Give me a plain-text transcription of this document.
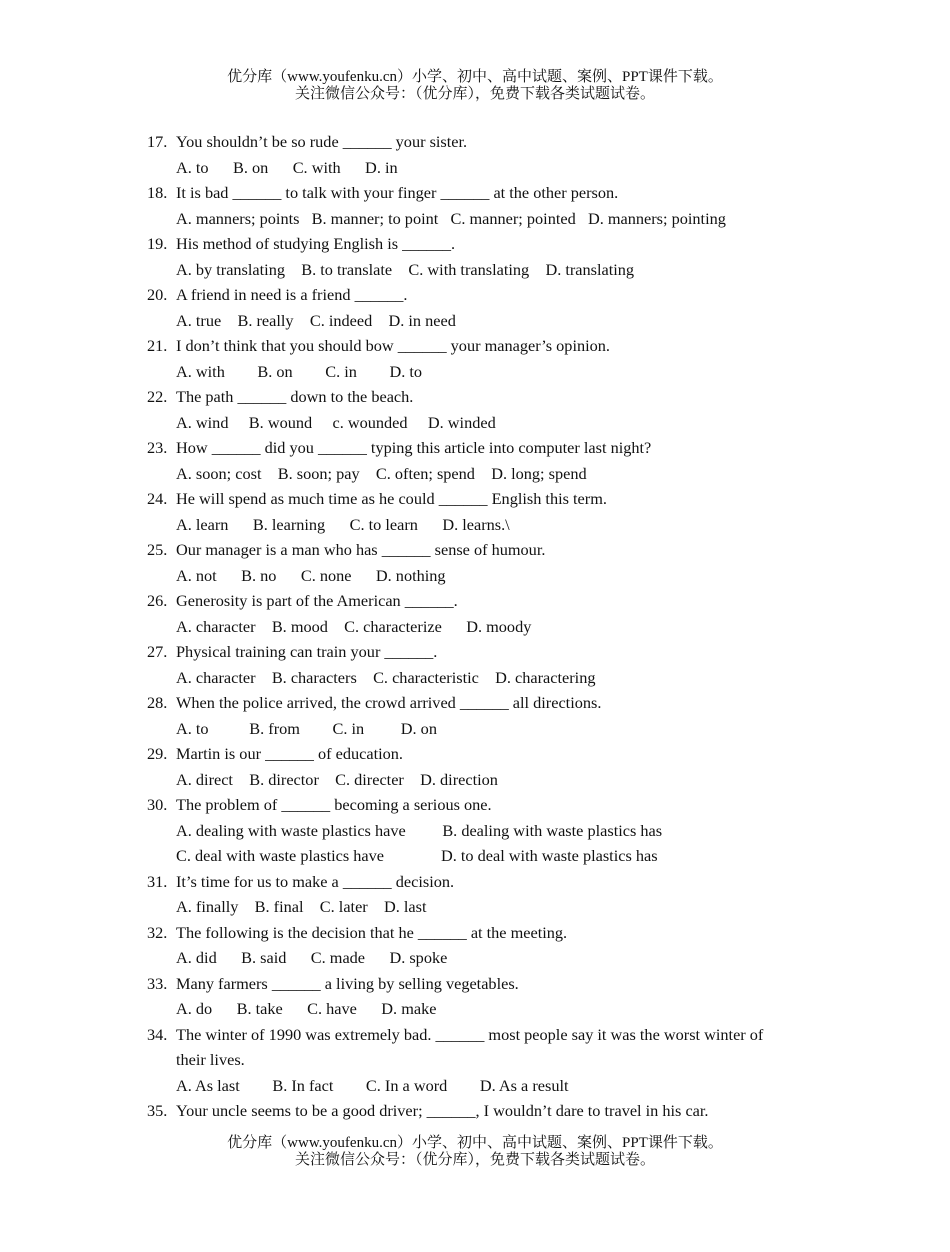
优分库（www.youfenku.cn）小学、初中、高中试题、案例、PPT课件下载。
关注微信公众号：（优分库），免费下载各类试题试卷。
17. You shouldn’t be so rude ______ your sister.
A. to      B. on      C. with      D. in
18. It is bad ______ to talk with your finger ______ at the other person.
A. manners; points   B. manner; to point   C. manner; pointed   D. manners; pointing
19. His method of studying English is ______.
A. by translating    B. to translate    C. with translating    D. translating
20. A friend in need is a friend ______.
A. true    B. really    C. indeed    D. in need
21. I don’t think that you should bow ______ your manager’s opinion.
A. with        B. on        C. in        D. to
22. The path ______ down to the beach.
A. wind     B. wound     c. wounded     D. winded
23. How ______ did you ______ typing this article into computer last night?
A. soon; cost    B. soon; pay    C. often; spend    D. long; spend
24. He will spend as much time as he could ______ English this term.
A. learn      B. learning      C. to learn      D. learns.\
25. Our manager is a man who has ______ sense of humour.
A. not      B. no      C. none      D. nothing
26. Generosity is part of the American ______.
A. character    B. mood    C. characterize      D. moody
27. Physical training can train your ______.
A. character    B. characters    C. characteristic    D. charactering
28. When the police arrived, the crowd arrived ______ all directions.
A. to          B. from        C. in         D. on
29. Martin is our ______ of education.
A. direct    B. director    C. directer    D. direction
30. The problem of ______ becoming a serious one.
A. dealing with waste plastics have         B. dealing with waste plastics has
C. deal with waste plastics have              D. to deal with waste plastics has
31. It’s time for us to make a ______ decision.
A. finally    B. final    C. later    D. last
32. The following is the decision that he ______ at the meeting.
A. did      B. said      C. made      D. spoke
33. Many farmers ______ a living by selling vegetables.
A. do      B. take      C. have      D. make
34. The winter of 1990 was extremely bad. ______ most people say it was the worst winter of
their lives.
A. As last        B. In fact        C. In a word        D. As a result
35. Your uncle seems to be a good driver; ______, I wouldn’t dare to travel in his car.
优分库（www.youfenku.cn）小学、初中、高中试题、案例、PPT课件下载。
关注微信公众号：（优分库），免费下载各类试题试卷。
